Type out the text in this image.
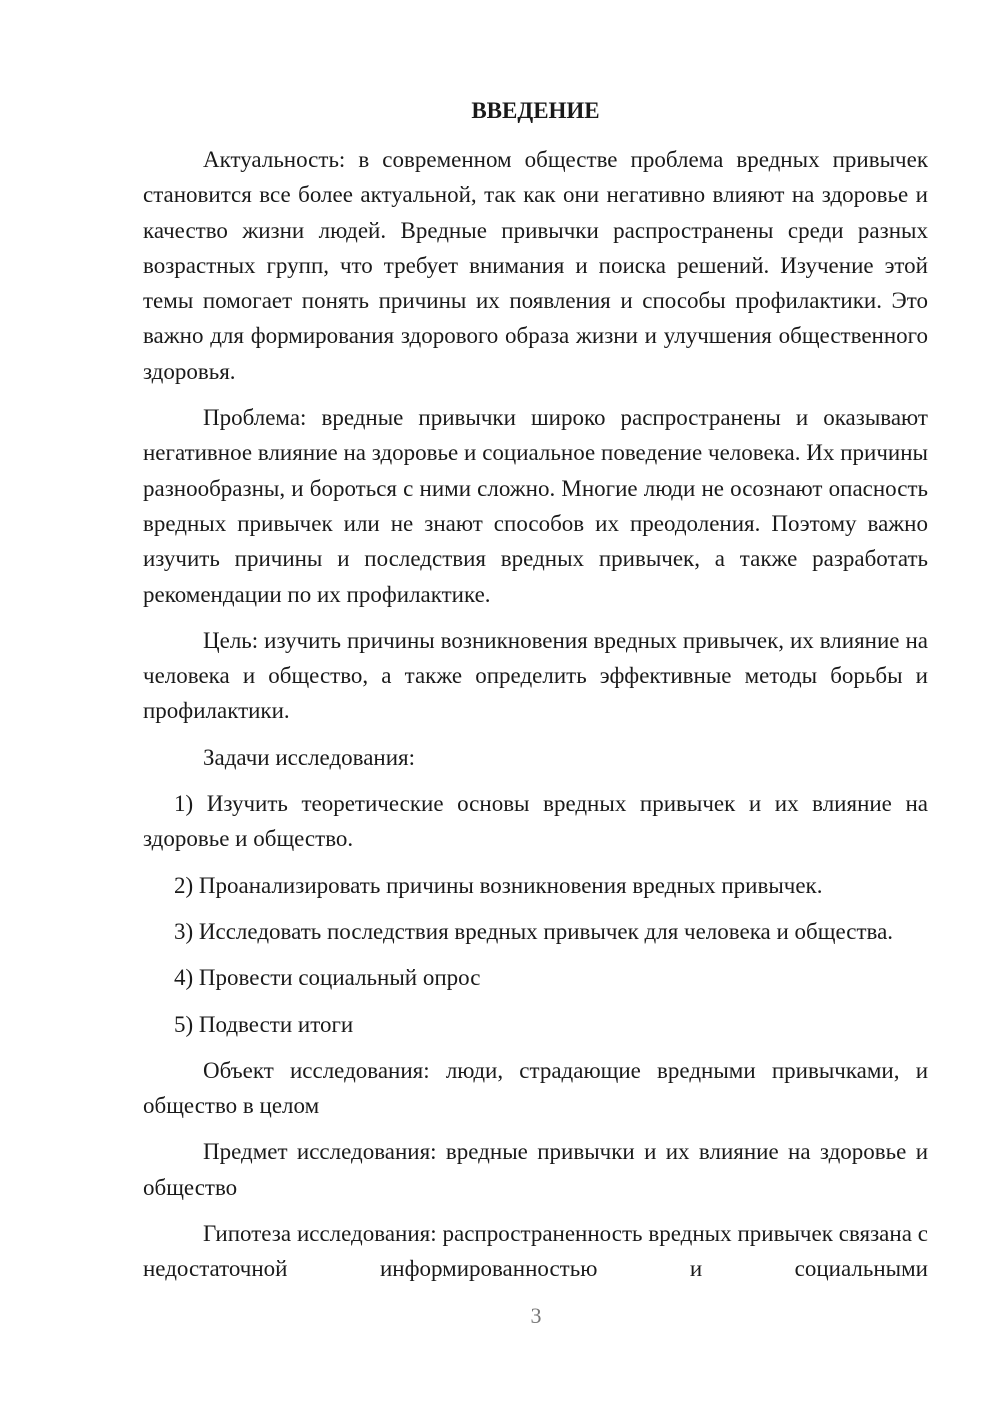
ВВЕДЕНИЕ

Актуальность: в современном обществе проблема вредных привычек становится все более актуальной, так как они негативно влияют на здоровье и качество жизни людей. Вредные привычки распространены среди разных возрастных групп, что требует внимания и поиска решений. Изучение этой темы помогает понять причины их появления и способы профилактики. Это важно для формирования здорового образа жизни и улучшения общественного здоровья.

Проблема: вредные привычки широко распространены и оказывают негативное влияние на здоровье и социальное поведение человека. Их причины разнообразны, и бороться с ними сложно. Многие люди не осознают опасность вредных привычек или не знают способов их преодоления. Поэтому важно изучить причины и последствия вредных привычек, а также разработать рекомендации по их профилактике.

Цель: изучить причины возникновения вредных привычек, их влияние на человека и общество, а также определить эффективные методы борьбы и профилактики.

Задачи исследования:

1) Изучить теоретические основы вредных привычек и их влияние на здоровье и общество.

2) Проанализировать причины возникновения вредных привычек.

3) Исследовать последствия вредных привычек для человека и общества.

4) Провести социальный опрос

5) Подвести итоги

Объект исследования: люди, страдающие вредными привычками, и общество в целом

Предмет исследования: вредные привычки и их влияние на здоровье и общество

Гипотеза исследования: распространенность вредных привычек связана с недостаточной информированностью и социальными

3
